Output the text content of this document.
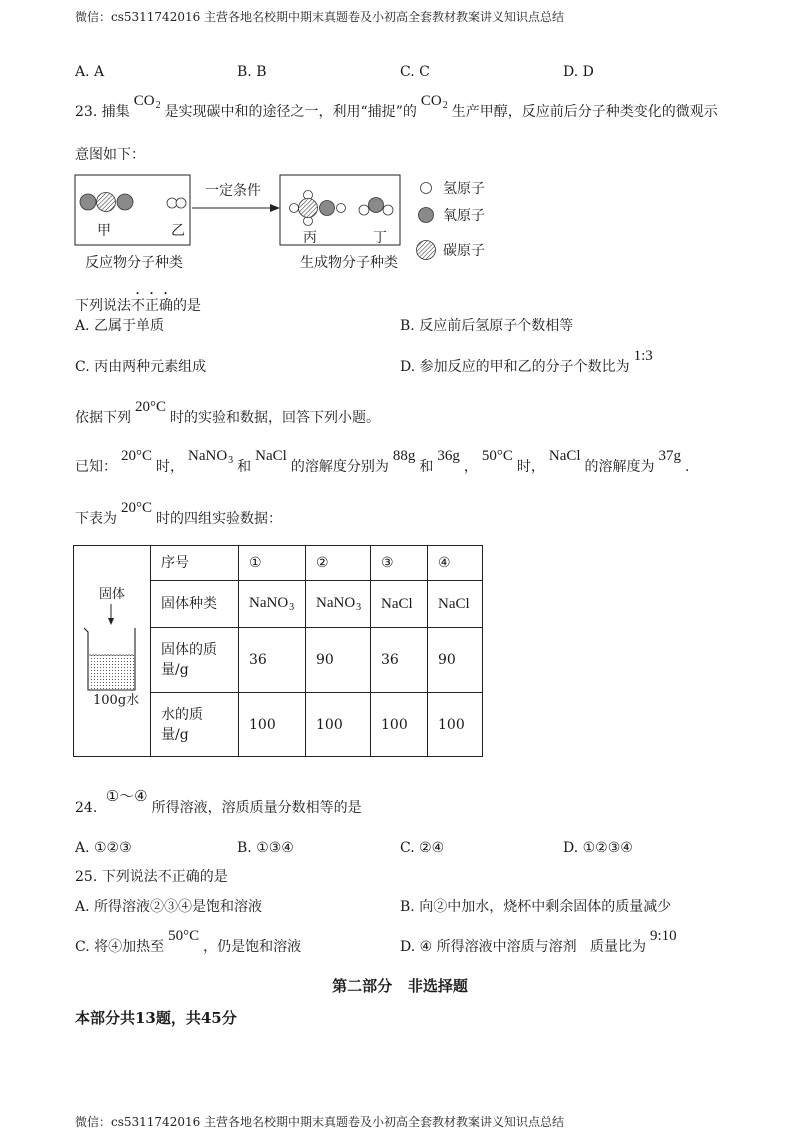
微信：cs5311742016 主营各地名校期中期末真题卷及小初高全套教材教案讲义知识点总结
A. A	B. B	C. C	D. D
23. 捕集$CO_2$ 是实现碳中和的途径之一，利用“捕捉”的$CO_2$ 生产甲醇，反应前后分子种类变化的微观示
意图如下：
甲	乙
反应物分子种类
一定条件
丙	丁
生成物分子种类
氢原子
氧原子
碳原子
下列说法不正确的是
A. 乙属于单质	B. 反应前后氢原子个数相等
C. 丙由两种元素组成	D. 参加反应的甲和乙的分子个数比为1:3
依据下列20°C时的实验和数据，回答下列小题。
已知：20°C时，NaNO$_3$ 和NaCl的溶解度分别为88g和36g，50°C时，NaCl的溶解度为37g.
下表为20°C时的四组实验数据：
	序号	①	②	③	④
	固体种类	NaNO$_3$	NaNO$_3$	NaCl	NaCl
	固体的质量/g	36	90	36	90
	水的质量/g	100	100	100	100
固体
100g水
24. ①～④所得溶液，溶质质量分数相等的是
A. ①②③	B. ①③④	C. ②④	D. ①②③④
25. 下列说法不正确的是
A. 所得溶液②③④是饱和溶液	B. 向②中加水，烧杯中剩余固体的质量减少
C. 将④加热至50°C，仍是饱和溶液	D. ④ 所得溶液中溶质与溶剂   质量比为9:10
第二部分   非选择题
本部分共13题，共45分
微信：cs5311742016 主营各地名校期中期末真题卷及小初高全套教材教案讲义知识点总结
